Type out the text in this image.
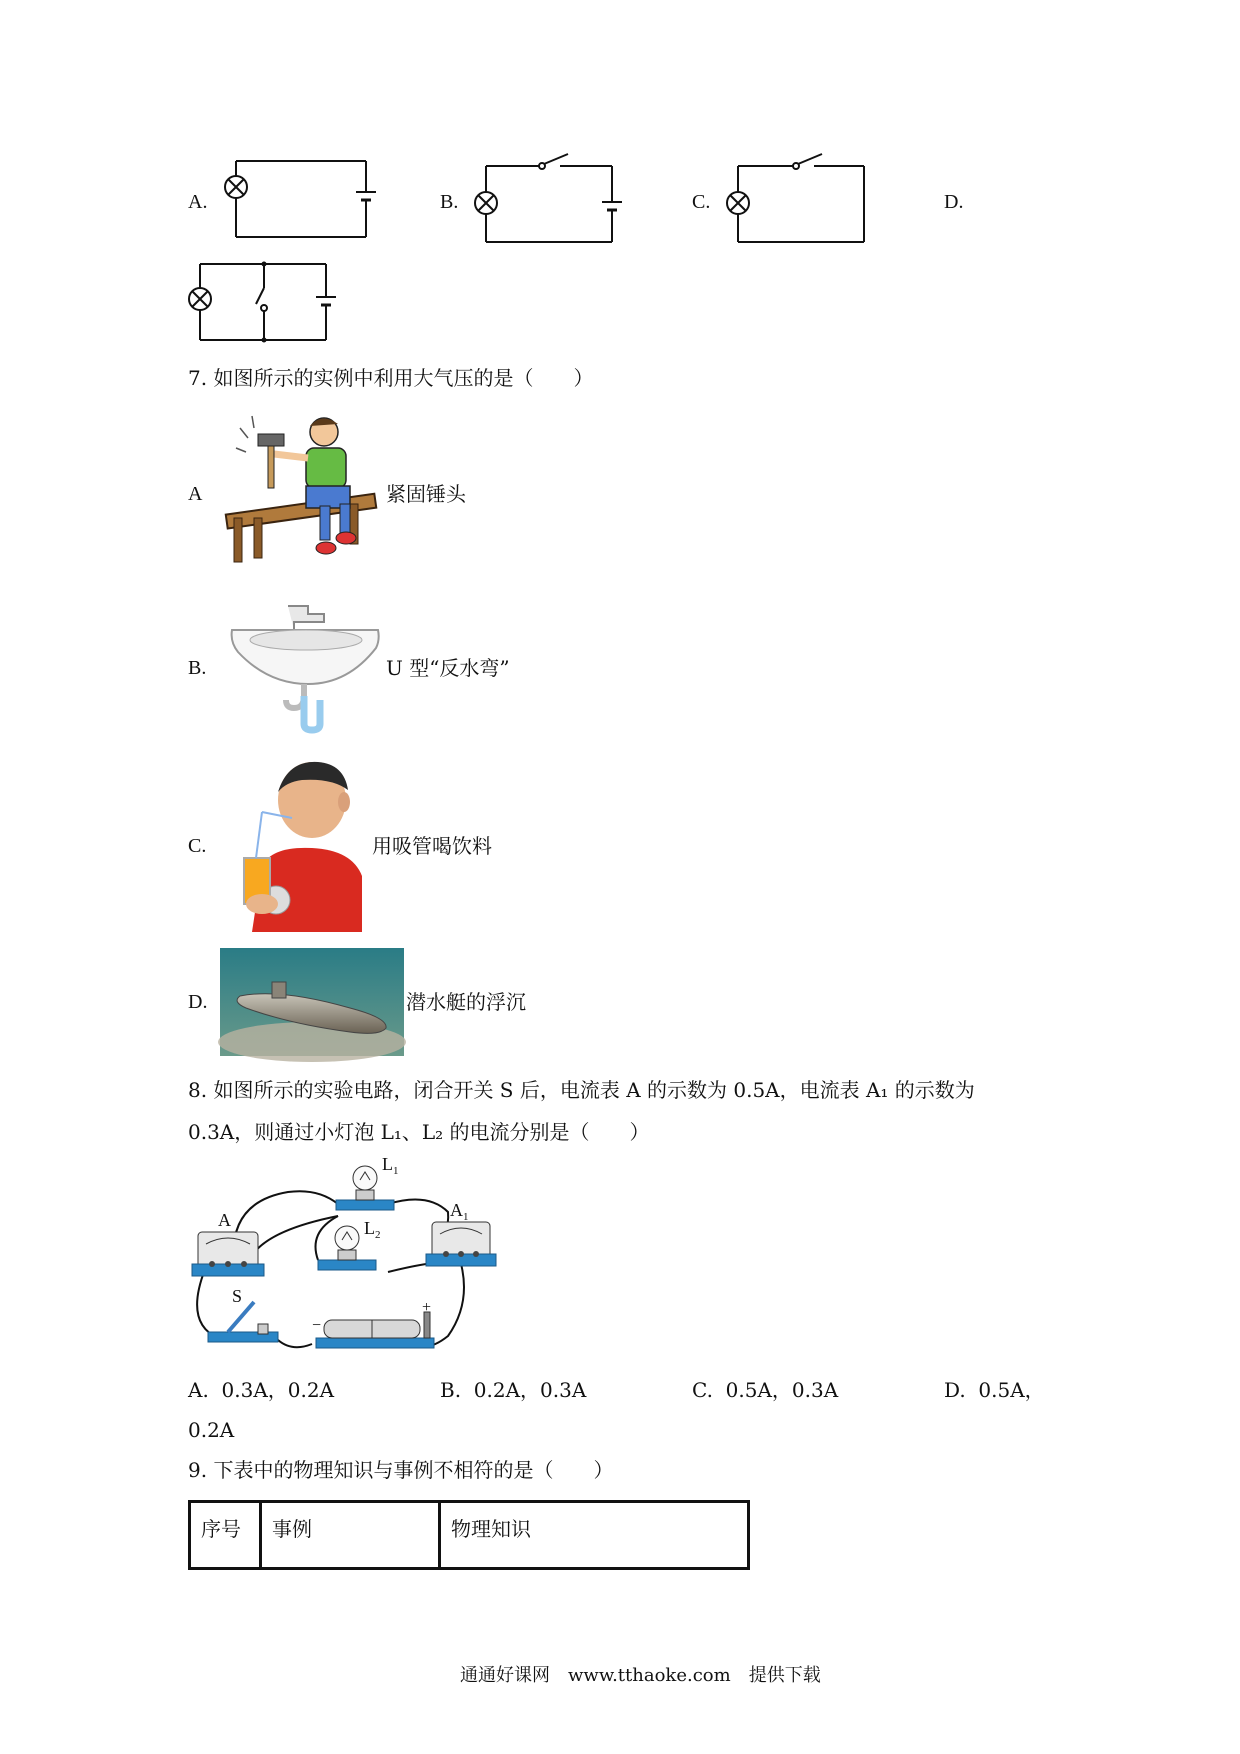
A.	B.	C.	D.
7. 如图所示的实例中利用大气压的是（　　）
A	紧固锤头
B.	U 型“反水弯”
C.	用吸管喝饮料
D.	潜水艇的浮沉
8. 如图所示的实验电路，闭合开关 S 后，电流表 A 的示数为 0.5A，电流表 A₁ 的示数为
0.3A，则通过小灯泡 L₁、L₂ 的电流分别是（　　）
A
L 1
L 2
A 1
S
−
+
A. 0.3A，0.2A	B. 0.2A，0.3A	C. 0.5A，0.3A	D. 0.5A，
0.2A
9. 下表中的物理知识与事例不相符的是（　　）
序号	事例	物理知识
通通好课网　www.tthaoke.com　提供下载
